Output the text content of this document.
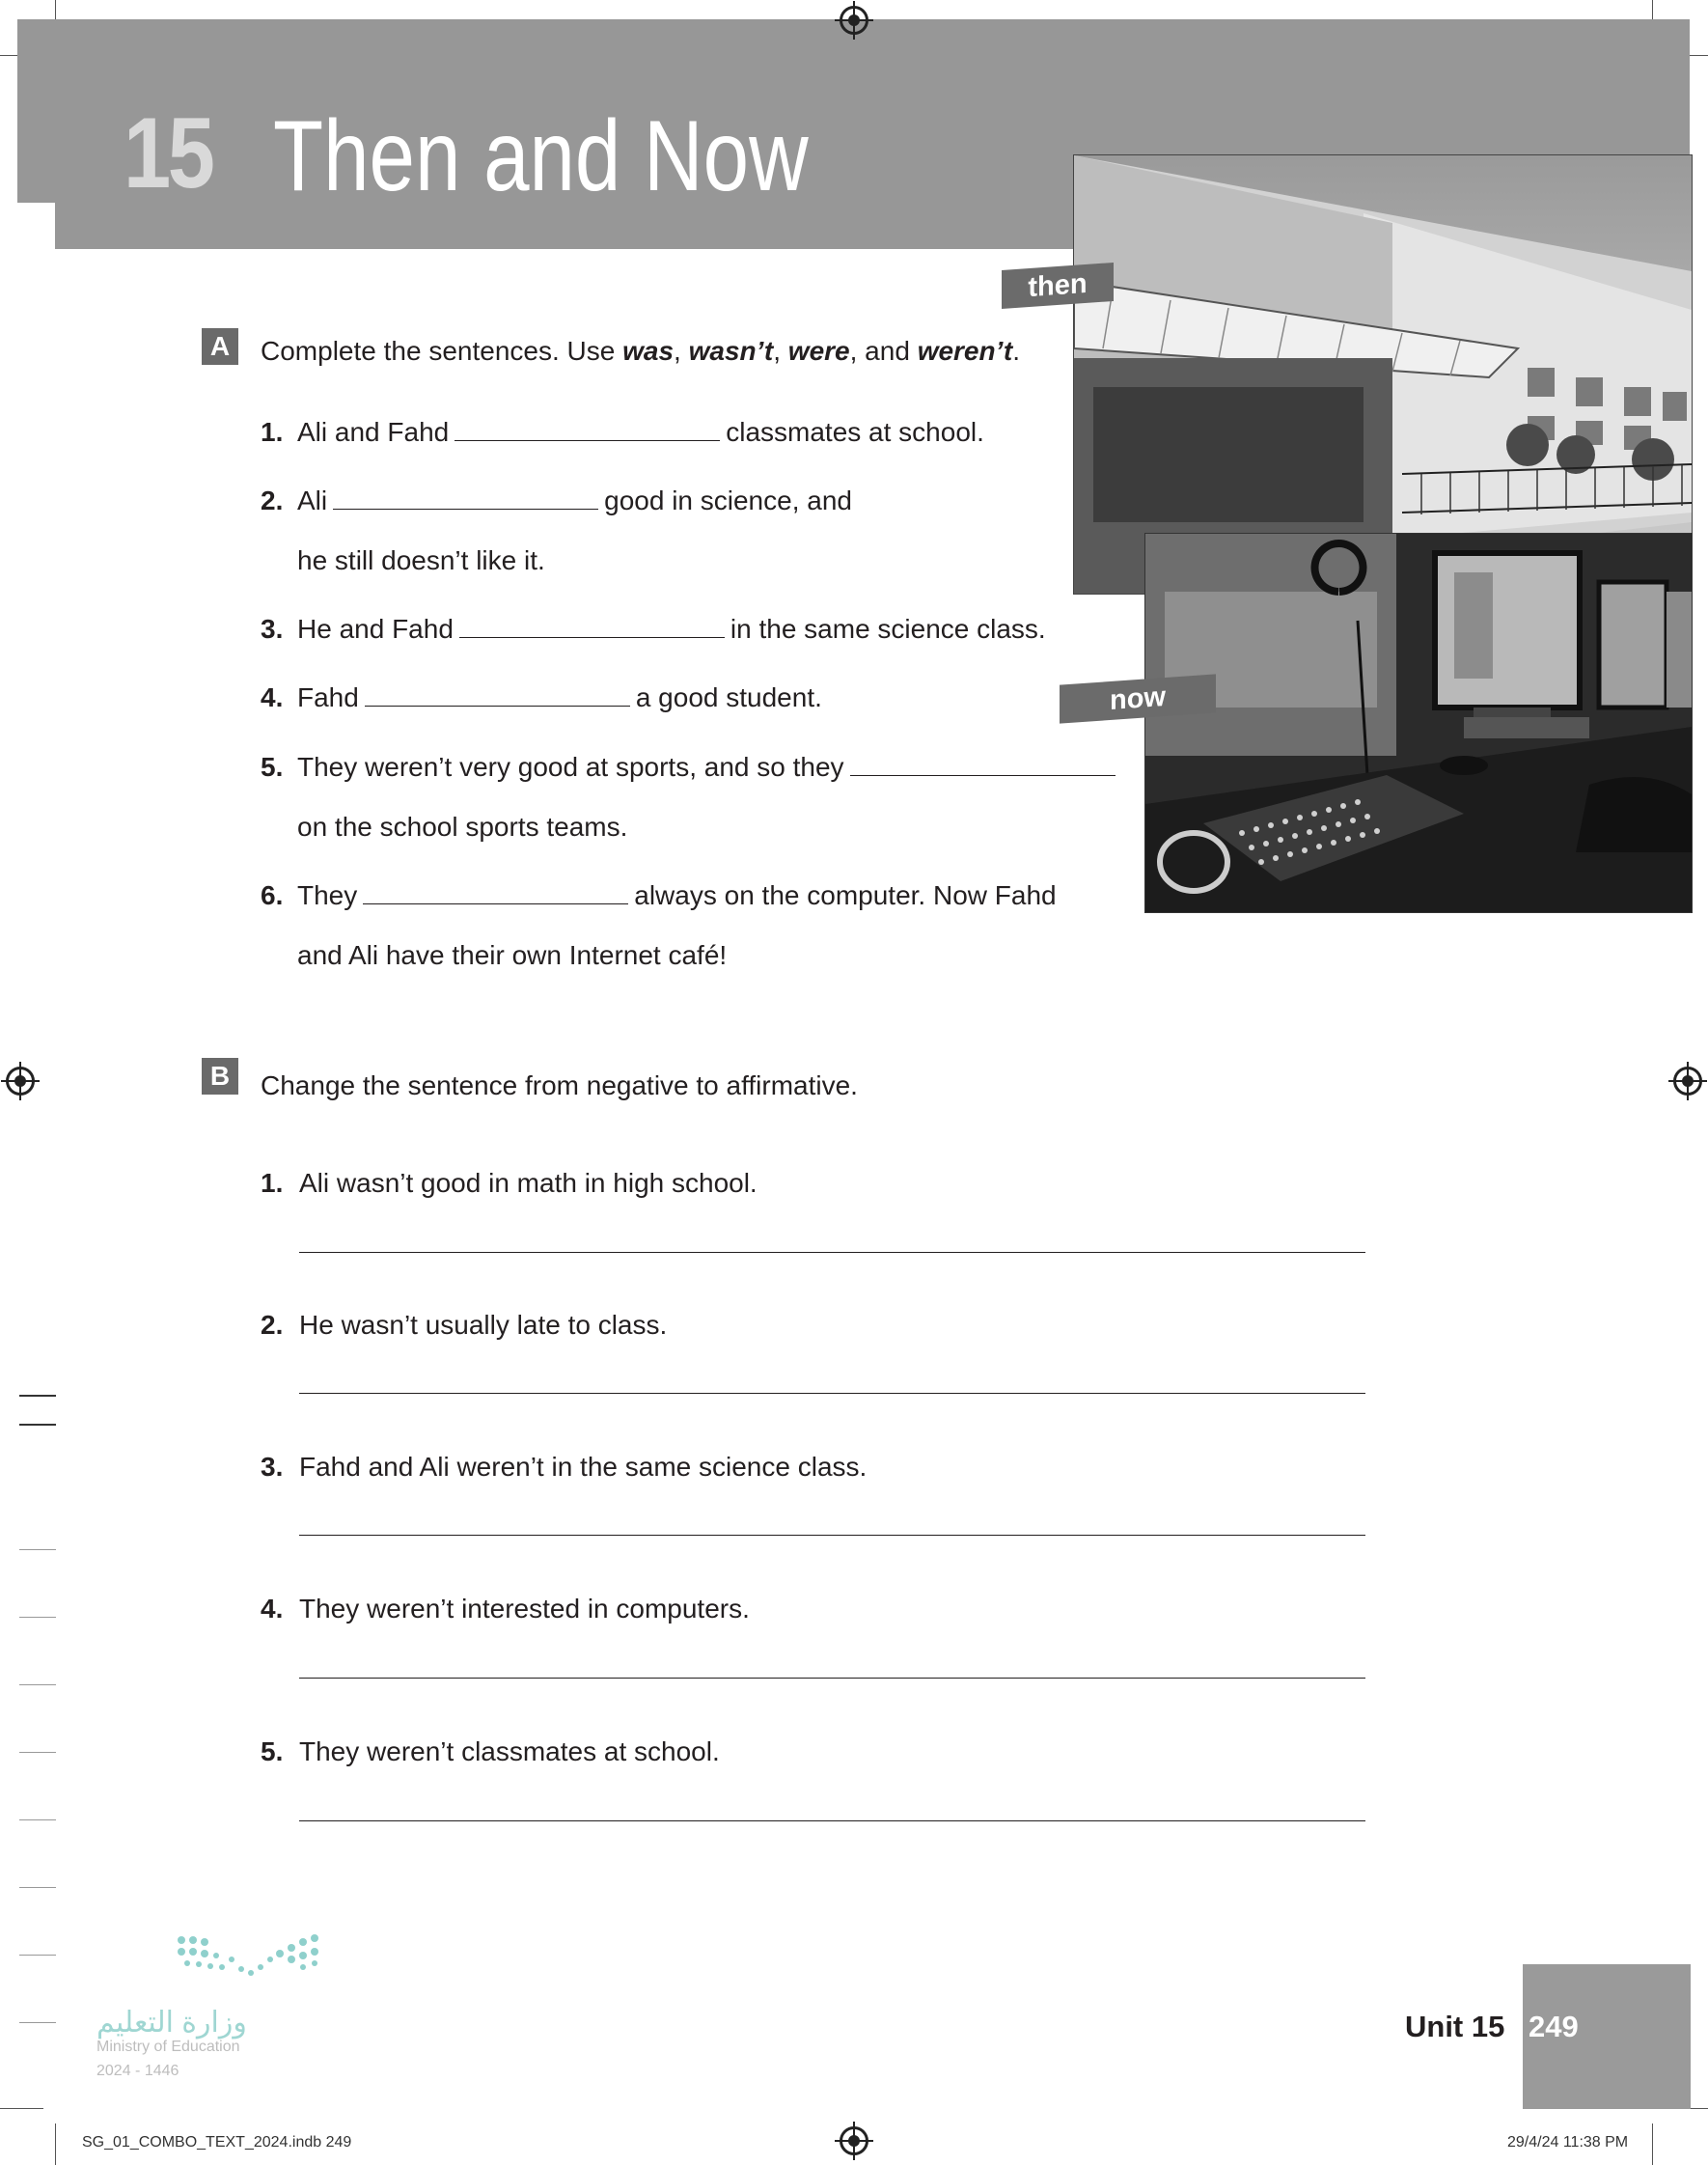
15 Then and Now
then
now
A	Complete the sentences. Use was, wasn’t, were, and weren’t.
1. Ali and Fahd	classmates at school.
2. Ali	good in science, and
he still doesn’t like it.
3. He and Fahd	in the same science class.
4. Fahd	a good student.
5. They weren’t very good at sports, and so they
on the school sports teams.
6. They	always on the computer. Now Fahd
and Ali have their own Internet café!
B	Change the sentence from negative to affirmative.
1. Ali wasn’t good in math in high school.
2. He wasn’t usually late to class.
3. Fahd and Ali weren’t in the same science class.
4. They weren’t interested in computers.
5. They weren’t classmates at school.
وزارة التعليم
Ministry of Education
2024 - 1446
Unit 15 249
SG_01_COMBO_TEXT_2024.indb 249	29/4/24 11:38 PM
